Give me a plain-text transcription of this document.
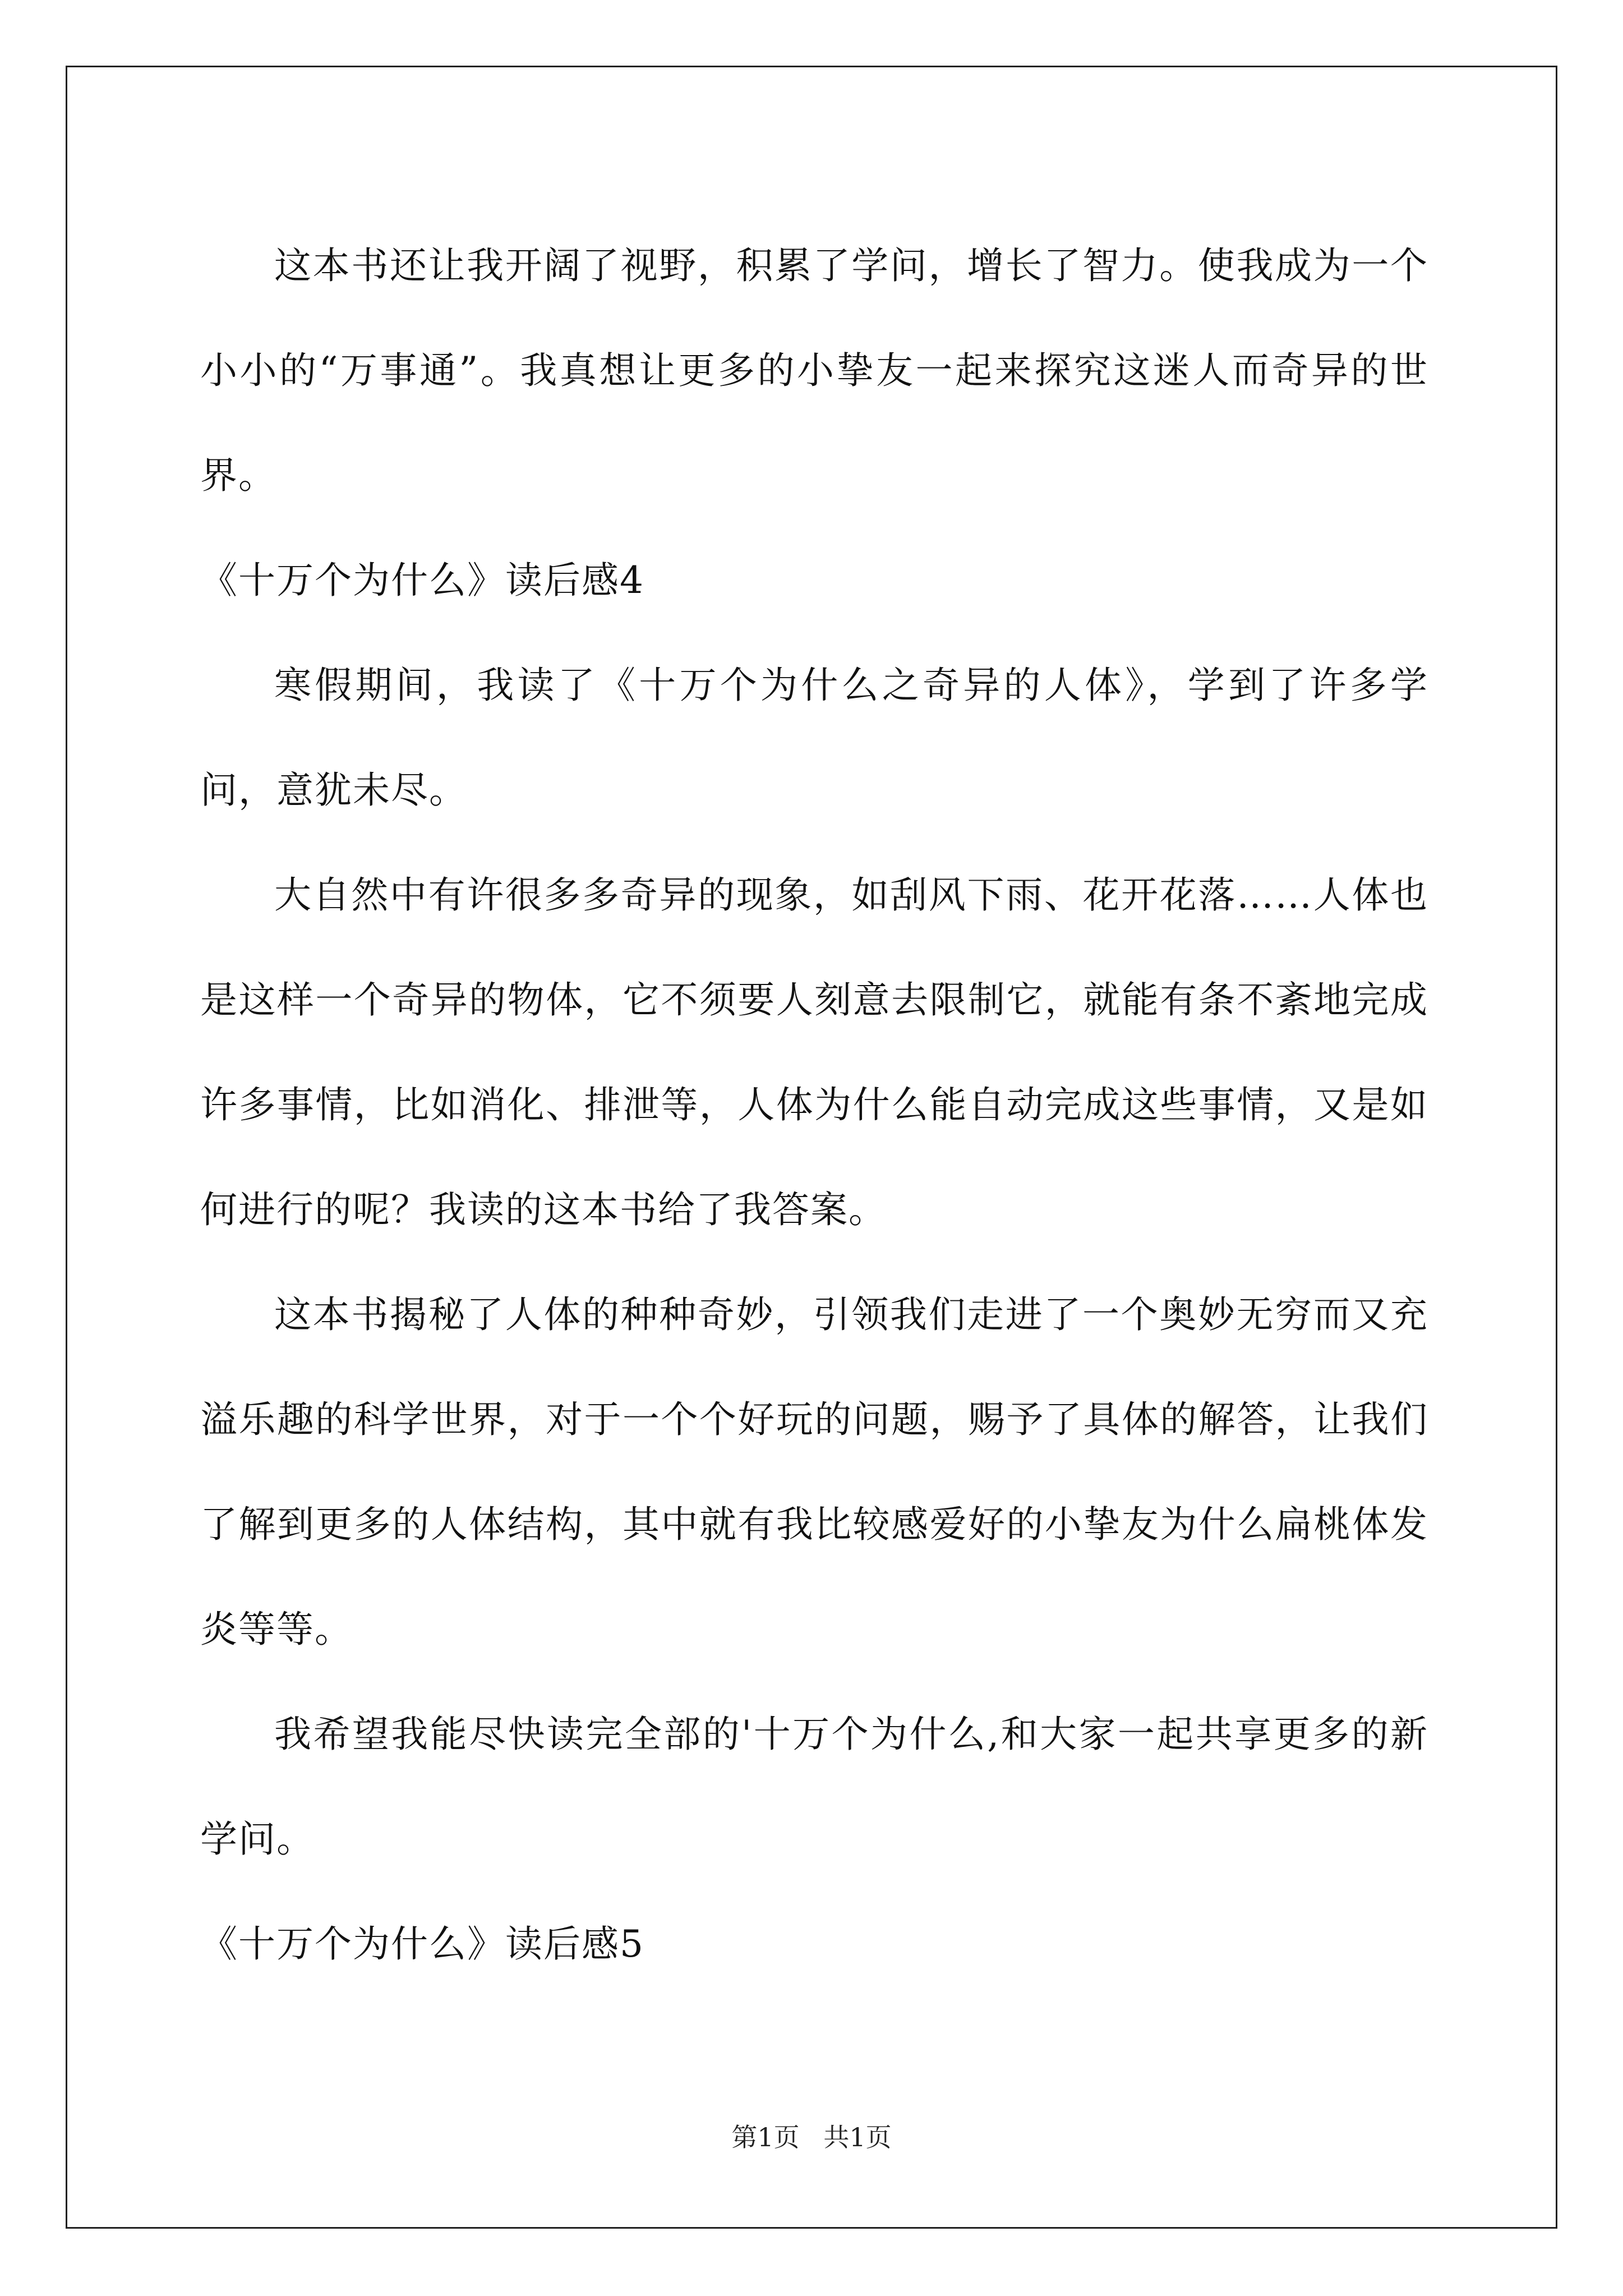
这本书还让我开阔了视野，积累了学问，增长了智力。使我成为一个小小的“万事通”。我真想让更多的小挚友一起来探究这迷人而奇异的世界。

《十万个为什么》读后感4

寒假期间，我读了《十万个为什么之奇异的人体》，学到了许多学问，意犹未尽。

大自然中有许很多多奇异的现象，如刮风下雨、花开花落……人体也是这样一个奇异的物体，它不须要人刻意去限制它，就能有条不紊地完成许多事情，比如消化、排泄等，人体为什么能自动完成这些事情，又是如何进行的呢？我读的这本书给了我答案。

这本书揭秘了人体的种种奇妙，引领我们走进了一个奥妙无穷而又充溢乐趣的科学世界，对于一个个好玩的问题，赐予了具体的解答，让我们了解到更多的人体结构，其中就有我比较感爱好的小挚友为什么扁桃体发炎等等。

我希望我能尽快读完全部的'十万个为什么,和大家一起共享更多的新学问。

《十万个为什么》读后感5

第1页 共1页
